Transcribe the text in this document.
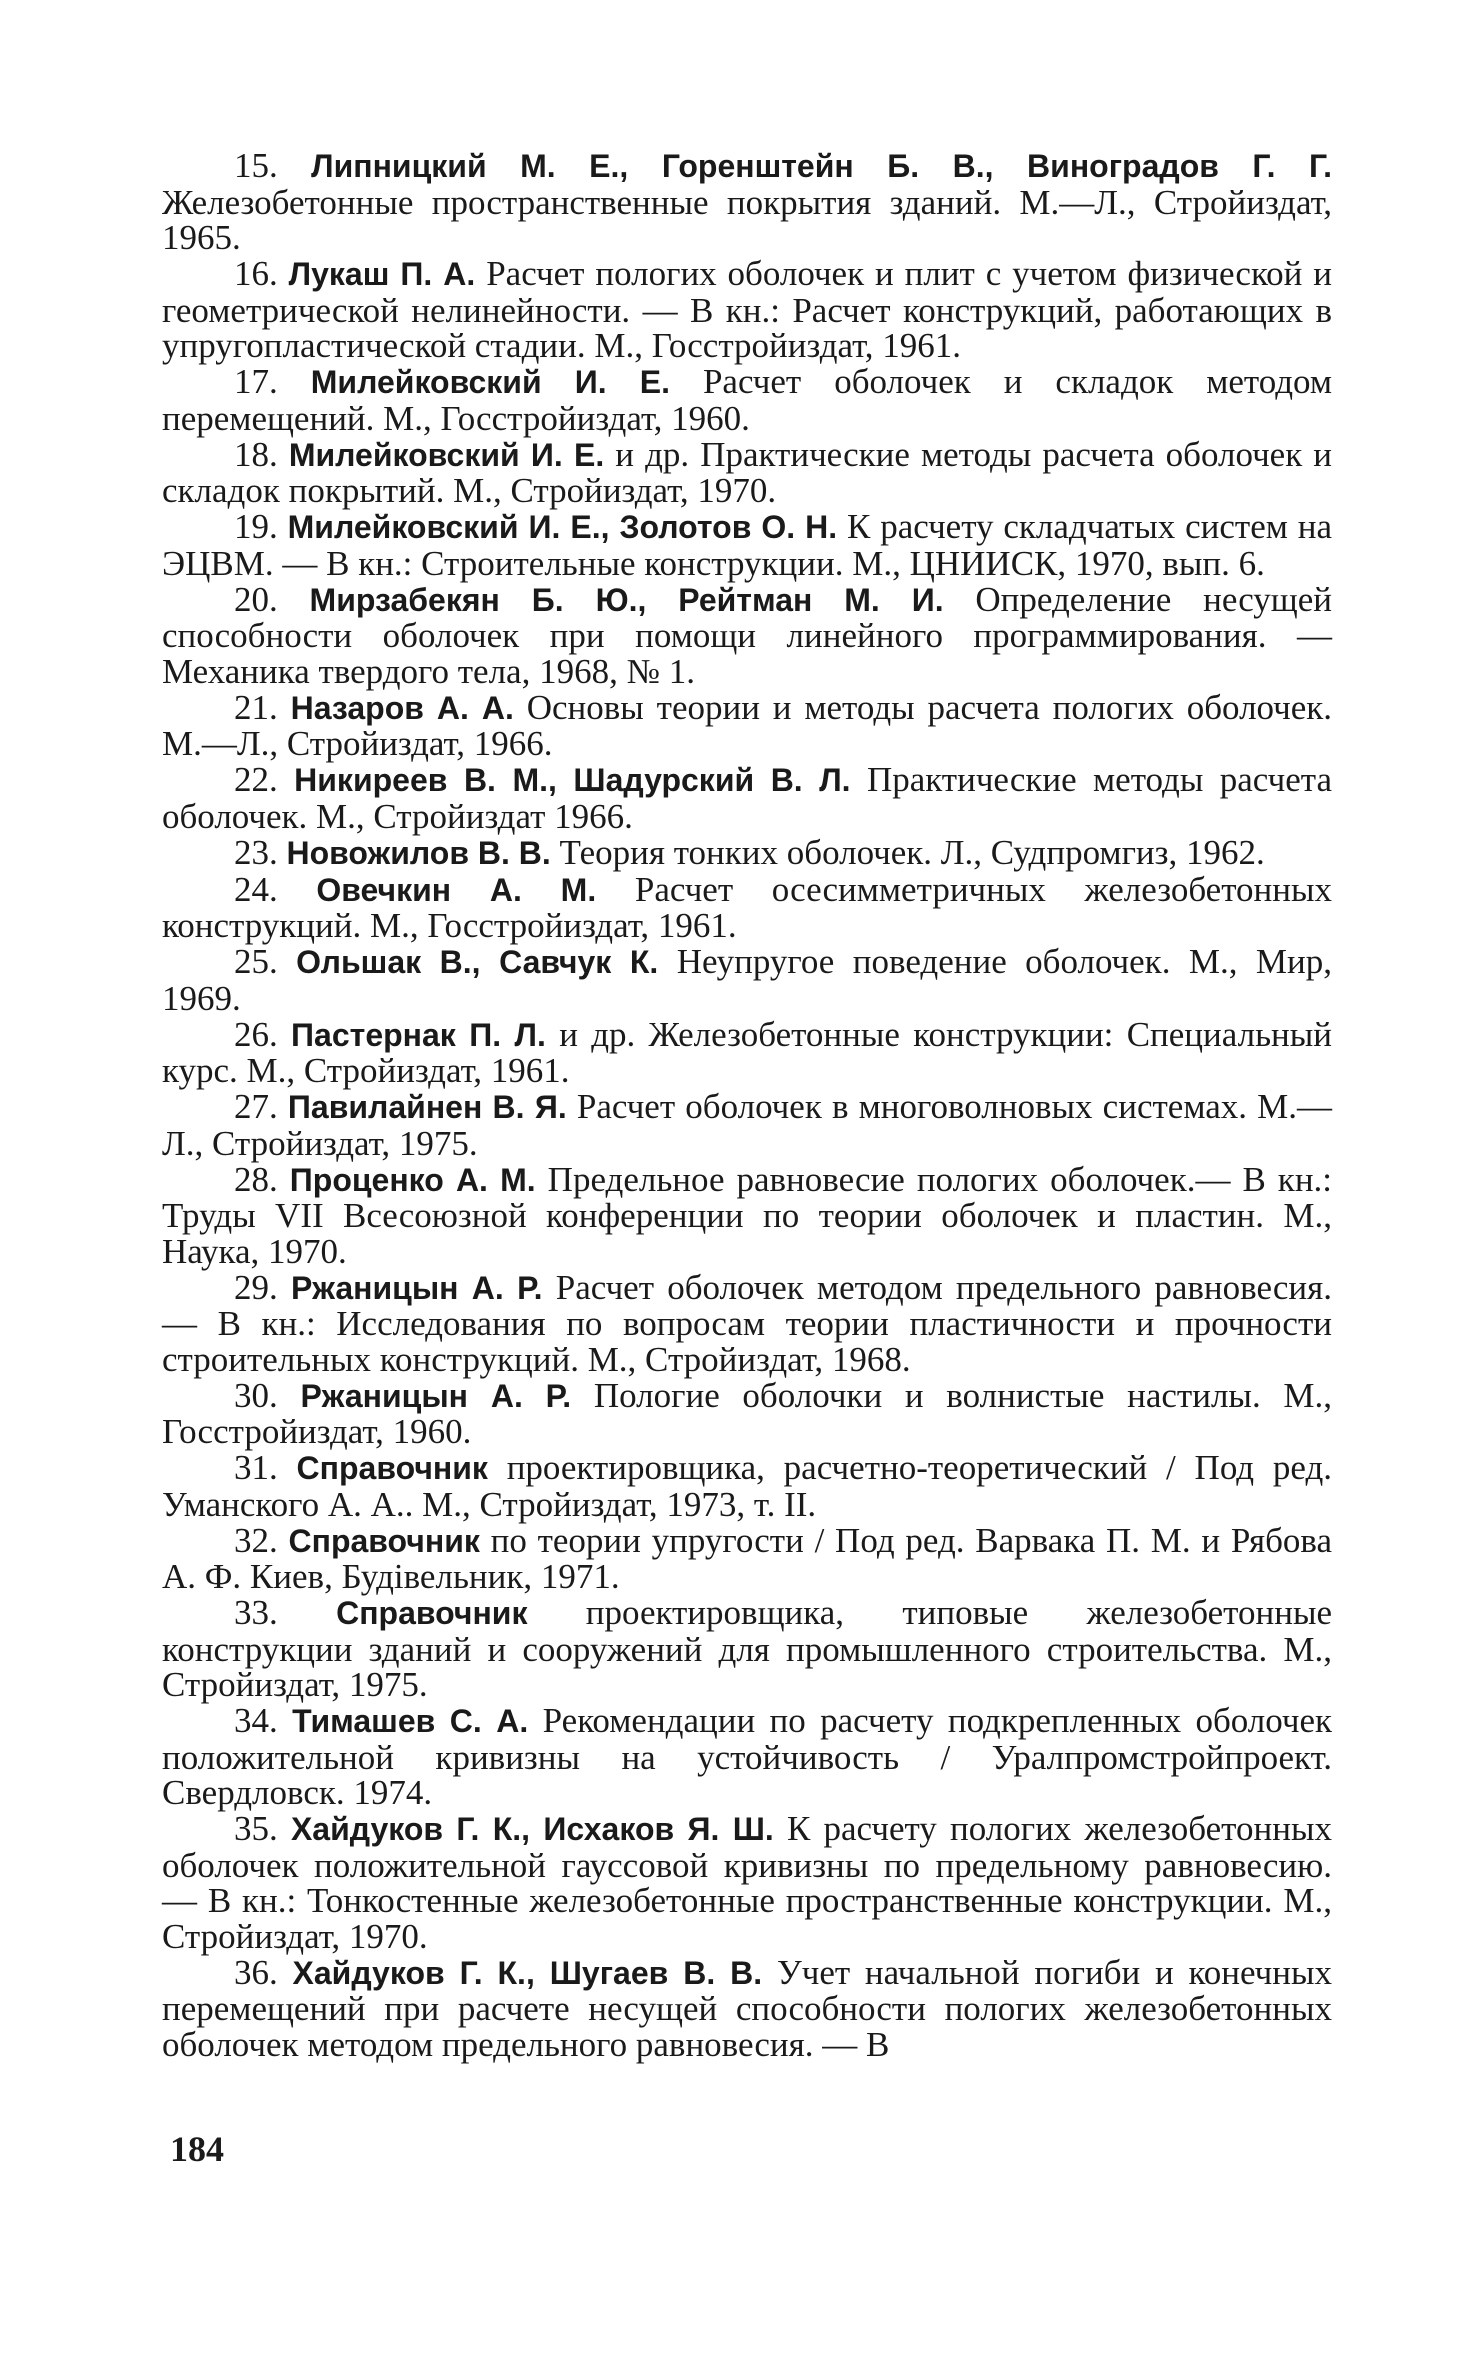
15. Липницкий М. Е., Горенштейн Б. В., Виноградов Г. Г. Железобетонные пространственные покрытия зданий. М.—Л., Стройиздат, 1965.

16. Лукаш П. А. Расчет пологих оболочек и плит с учетом физической и геометрической нелинейности. — В кн.: Расчет конструкций, работающих в упругопластической стадии. М., Госстройиздат, 1961.

17. Милейковский И. Е. Расчет оболочек и складок методом перемещений. М., Госстройиздат, 1960.

18. Милейковский И. Е. и др. Практические методы расчета оболочек и складок покрытий. М., Стройиздат, 1970.

19. Милейковский И. Е., Золотов О. Н. К расчету складчатых систем на ЭЦВМ. — В кн.: Строительные конструкции. М., ЦНИИСК, 1970, вып. 6.

20. Мирзабекян Б. Ю., Рейтман М. И. Определение несущей способности оболочек при помощи линейного программирования. — Механика твердого тела, 1968, № 1.

21. Назаров А. А. Основы теории и методы расчета пологих оболочек. М.—Л., Стройиздат, 1966.

22. Никиреев В. М., Шадурский В. Л. Практические методы расчета оболочек. М., Стройиздат 1966.

23. Новожилов В. В. Теория тонких оболочек. Л., Судпромгиз, 1962.

24. Овечкин А. М. Расчет осесимметричных железобетонных конструкций. М., Госстройиздат, 1961.

25. Ольшак В., Савчук К. Неупругое поведение оболочек. М., Мир, 1969.

26. Пастернак П. Л. и др. Железобетонные конструкции: Специальный курс. М., Стройиздат, 1961.

27. Павилайнен В. Я. Расчет оболочек в многоволновых системах. М.—Л., Стройиздат, 1975.

28. Проценко А. М. Предельное равновесие пологих оболочек.— В кн.: Труды VII Всесоюзной конференции по теории оболочек и пластин. М., Наука, 1970.

29. Ржаницын А. Р. Расчет оболочек методом предельного равновесия. — В кн.: Исследования по вопросам теории пластичности и прочности строительных конструкций. М., Стройиздат, 1968.

30. Ржаницын А. Р. Пологие оболочки и волнистые настилы. М., Госстройиздат, 1960.

31. Справочник проектировщика, расчетно-теоретический / Под ред. Уманского А. А.. М., Стройиздат, 1973, т. II.

32. Справочник по теории упругости / Под ред. Варвака П. М. и Рябова А. Ф. Киев, Будівельник, 1971.

33. Справочник проектировщика, типовые железобетонные конструкции зданий и сооружений для промышленного строительства. М., Стройиздат, 1975.

34. Тимашев С. А. Рекомендации по расчету подкрепленных оболочек положительной кривизны на устойчивость / Уралпромстройпроект. Свердловск. 1974.

35. Хайдуков Г. К., Исхаков Я. Ш. К расчету пологих железобетонных оболочек положительной гауссовой кривизны по предельному равновесию. — В кн.: Тонкостенные железобетонные пространственные конструкции. М., Стройиздат, 1970.

36. Хайдуков Г. К., Шугаев В. В. Учет начальной погиби и конечных перемещений при расчете несущей способности пологих железобетонных оболочек методом предельного равновесия. — В

184
